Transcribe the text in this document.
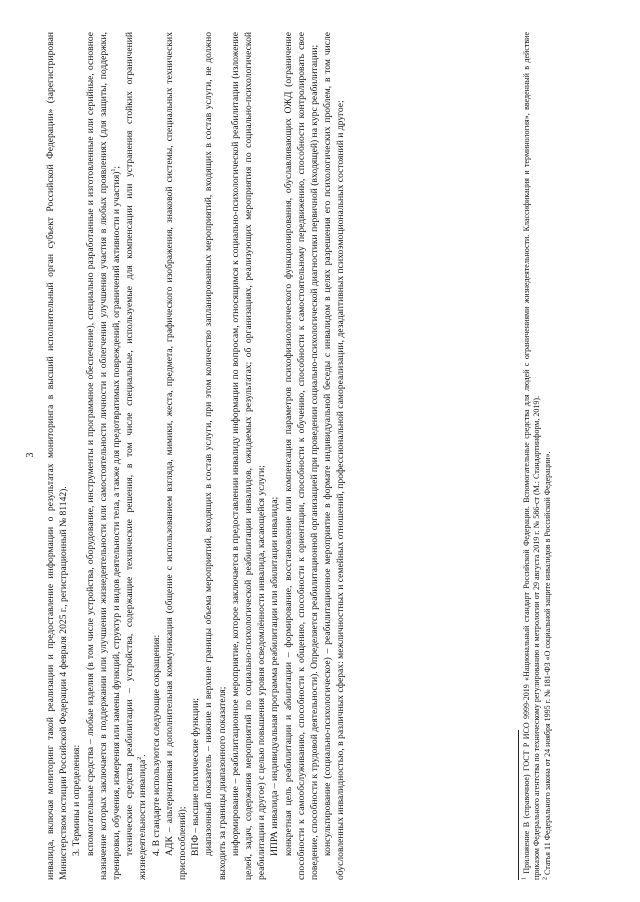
3 инвалида, включая мониторинг такой реализации и предоставление информации о результатах мониторинга в высший исполнительный орган субъект Российской Федерации» (зарегистрирован Министерством юстиции Российской Федерации 4 февраля 2025 г., регистрационный № 81142). 3. Термины и определения: вспомогательные средства – любые изделия (в том числе устройства, оборудование, инструменты и программное обеспечение), специально разработанные и изготовленные или серийные, основное назначение которых заключается в поддержании или улучшении жизнедеятельности или самостоятельности личности и облегчении улучшения участия в любых проявлениях (для защиты, поддержки, тренировки, обучения, измерения или замены функций, структур и видов деятельности тела, а также для предотвратимых повреждений, ограничений активности и участия)$^1$; технические средства реабилитации – устройства, содержащие технические решения, в том числе специальные, используемые для компенсации или устранения стойких ограничений жизнедеятельности инвалида$^2$. 4. В стандарте используются следующие сокращения: АДК – альтернативная и дополнительная коммуникация (общение с использованием взгляда, мимики, жеста, предмета, графического изображения, знаковой системы, специальных технических приспособлений); ВПФ – высшие психические функции; диапазонный показатель – нижние и верхние границы объема мероприятий, входящих в состав услуги, при этом количество запланированных мероприятий, входящих в состав услуги, не должно выходить за границы диапазонного показателя; информирование – реабилитационное мероприятие, которое заключается в предоставлении инвалиду информации по вопросам, относящимся к социально-психологической реабилитации (изложение целей, задач, содержания мероприятий по социально-психологической реабилитации инвалидов, ожидаемых результатах; об организациях, реализующих мероприятия по социально-психологической реабилитации и другое) с целью повышения уровня осведомлённости инвалида, касающейся услуги; ИПРА инвалида – индивидуальная программа реабилитации или абилитации инвалида; конкретная цель реабилитации и абилитации – формирование, восстановление или компенсация параметров психофизиологического функционирования, обуславливающих ОЖД (ограничение способности к самообслуживанию, способности к общению, способности к ориентации, способности к обучению, способности к самостоятельному передвижению, способности контролировать свое поведение, способности к трудовой деятельности). Определяется реабилитационной организацией при проведении социально-психологической диагностики первичной (входящей) на курс реабилитации; консультирование (социально-психологическое) – реабилитационное мероприятие в формате индивидуальной беседы с инвалидом в целях разрешения его психологических проблем, в том числе обусловленных инвалидностью, в различных сферах: межличностных и семейных отношений, профессиональной самореализации, дезадаптивных психоэмоциональных состояний и другое;	$^1$ Приложение В (справочное) ГОСТ Р ИСО 9999-2019 «Национальный стандарт Российской Федерации. Вспомогательные средства для людей с ограничениями жизнедеятельности. Классификация и терминология», введенный в действие приказом Федерального агентства по техническому регулированию и метрологии от 29 августа 2019 г. № 586-ст (М.: Стандартинформ, 2019). $^2$ Статья 11 Федерального закона от 24 ноября 1995 г. № 181-ФЗ «О социальной защите инвалидов в Российской Федерации».
